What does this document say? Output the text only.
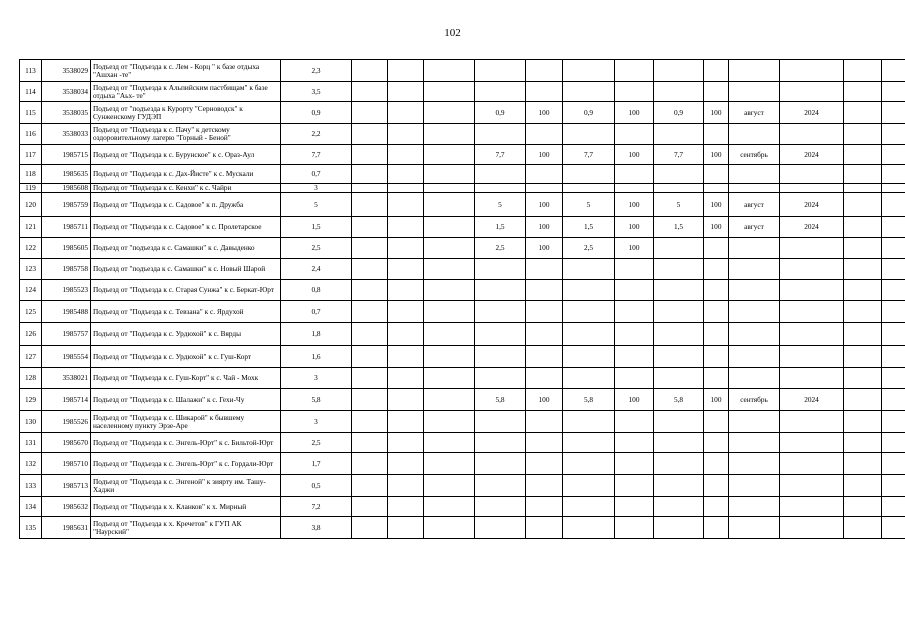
102
113	3538029	Подъезд от "Подъезда к с. Лем - Корц " к базе отдыха "Ашхан -те"	2,3													
114	3538034	Подъезд от "Подъезда к Альпийским пастбищам" к базе отдыха "Аьх- те"	3,5													
115	3538035	Подъезд от "подъезда к Курорту "Серноводск" к Сунженскому ГУДЭП	0,9				0,9	100	0,9	100	0,9	100	август	2024		
116	3538033	Подъезд от "Подъезда к с. Пачу" к детскому оздоровительному лагерю "Горный - Беной"	2,2													
117	1985715	Подъезд от "Подъезда к с. Бурунское" к с. Ораз-Аул	7,7				7,7	100	7,7	100	7,7	100	сентябрь	2024		
118	1985635	Подъезд от "Подъезда к с. Дах-Йисте" к с. Мускали	0,7													
119	1985608	Подъезд от "Подъезда к с. Кенхи" к с. Чайри	3													
120	1985759	Подъезд от "Подъезда к с. Садовое" к п. Дружба	5				5	100	5	100	5	100	август	2024		
121	1985711	Подъезд от "Подъезда к с. Садовое" к с. Пролетарское	1,5				1,5	100	1,5	100	1,5	100	август	2024		
122	1985605	Подъезд от "подъезда к с. Самашки" к с. Давыденко	2,5				2,5	100	2,5	100						
123	1985758	Подъезд от "подъезда к с. Самашки" к с. Новый Шарой	2,4													
124	1985523	Подъезд от "Подъезда к с. Старая Сунжа" к с. Беркат-Юрт	0,8													
125	1985488	Подъезд от "Подъезда к с. Тевзана" к с. Ярдухой	0,7													
126	1985757	Подъезд от "Подъезда к с. Урдюхой" к с. Вярды	1,8													
127	1985554	Подъезд от "Подъезда к с. Урдюхой" к с. Гуш-Корт	1,6													
128	3538021	Подъезд от "Подъезда к с. Гуш-Корт" к с. Чай - Мохк	3													
129	1985714	Подъезд от "Подъезда к с. Шалажи" к с. Гехи-Чу	5,8				5,8	100	5,8	100	5,8	100	сентябрь	2024		
130	1985526	Подъезд от "Подъезда к с. Шикарой" к бывшему населенному пункту Эрзе-Аре	3													
131	1985670	Подъезд от "Подъезда к с. Энгель-Юрт" к с. Бильтой-Юрт	2,5													
132	1985710	Подъезд от "Подъезда к с. Энгель-Юрт" к с. Гордали-Юрт	1,7													
133	1985713	Подъезд от "Подъезда к с. Энгеной" к зиярту им. Ташу-Хаджи	0,5													
134	1985632	Подъезд от "Подъезда к х. Кланков" к х. Мирный	7,2													
135	1985631	Подъезд от "Подъезда к х. Кречетов" к ГУП АК "Наурский"	3,8													
